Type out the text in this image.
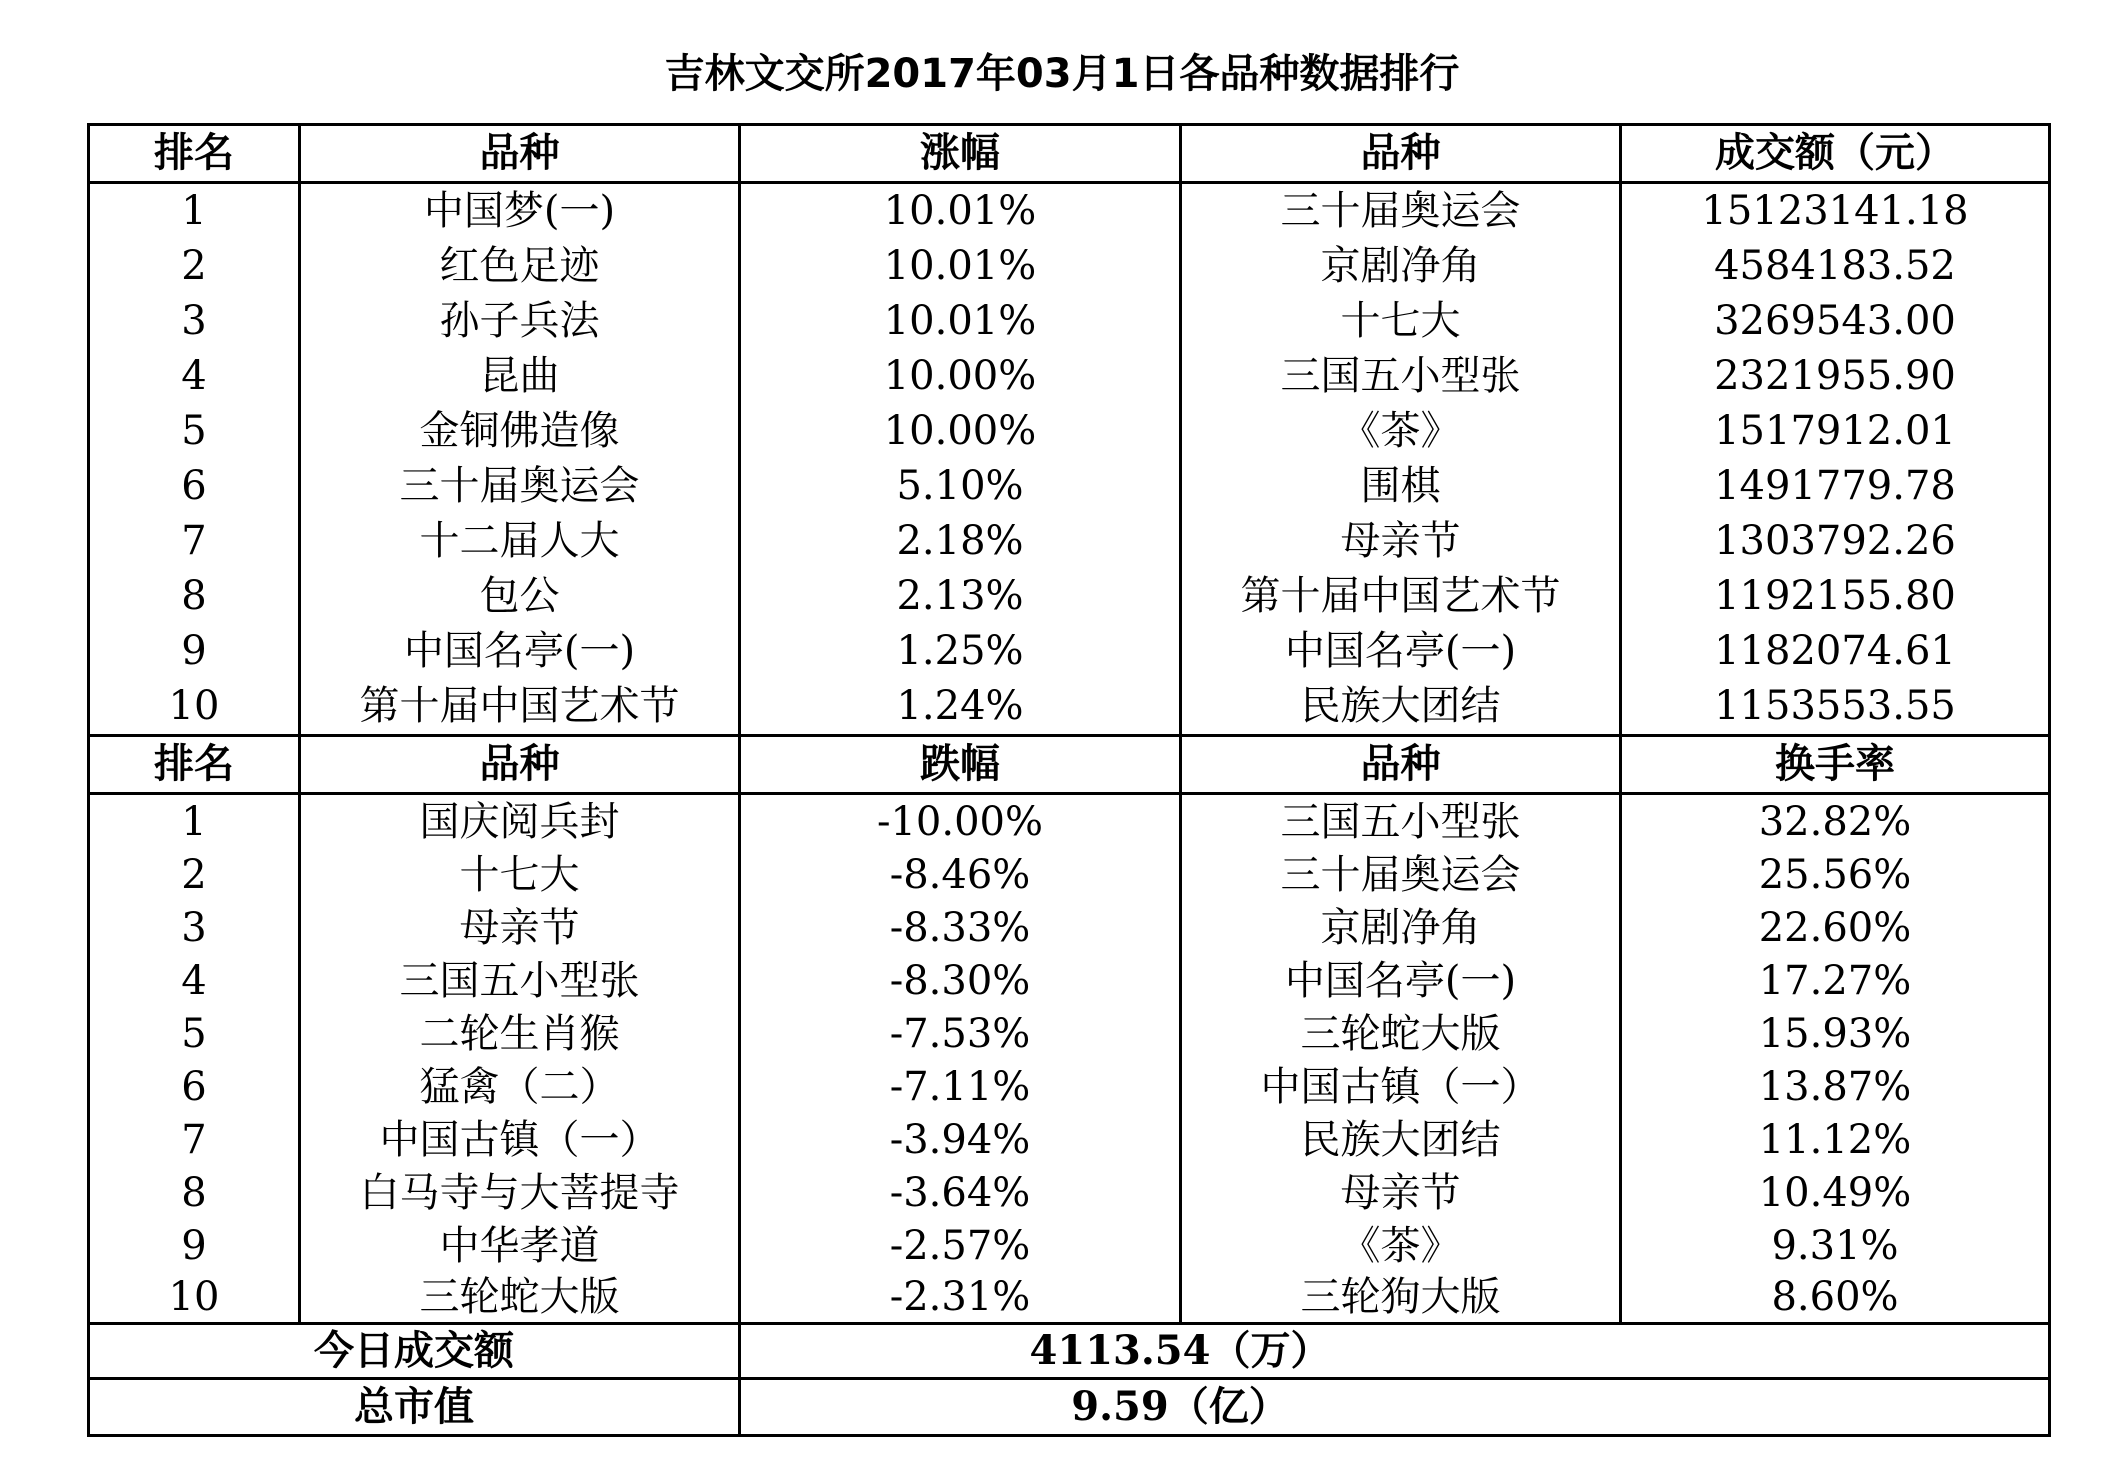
吉林文交所2017年03月1日各品种数据排行
排名	品种	涨幅	品种	成交额（元）
1	中国梦(一)	10.01%	三十届奥运会	15123141.18
2	红色足迹	10.01%	京剧净角	4584183.52
3	孙子兵法	10.01%	十七大	3269543.00
4	昆曲	10.00%	三国五小型张	2321955.90
5	金铜佛造像	10.00%	《茶》	1517912.01
6	三十届奥运会	5.10%	围棋	1491779.78
7	十二届人大	2.18%	母亲节	1303792.26
8	包公	2.13%	第十届中国艺术节	1192155.80
9	中国名亭(一)	1.25%	中国名亭(一)	1182074.61
10	第十届中国艺术节	1.24%	民族大团结	1153553.55
排名	品种	跌幅	品种	换手率
1	国庆阅兵封	-10.00%	三国五小型张	32.82%
2	十七大	-8.46%	三十届奥运会	25.56%
3	母亲节	-8.33%	京剧净角	22.60%
4	三国五小型张	-8.30%	中国名亭(一)	17.27%
5	二轮生肖猴	-7.53%	三轮蛇大版	15.93%
6	猛禽（二）	-7.11%	中国古镇（一）	13.87%
7	中国古镇（一）	-3.94%	民族大团结	11.12%
8	白马寺与大菩提寺	-3.64%	母亲节	10.49%
9	中华孝道	-2.57%	《茶》	9.31%
10	三轮蛇大版	-2.31%	三轮狗大版	8.60%
今日成交额	4113.54（万）
总市值	9.59（亿）
